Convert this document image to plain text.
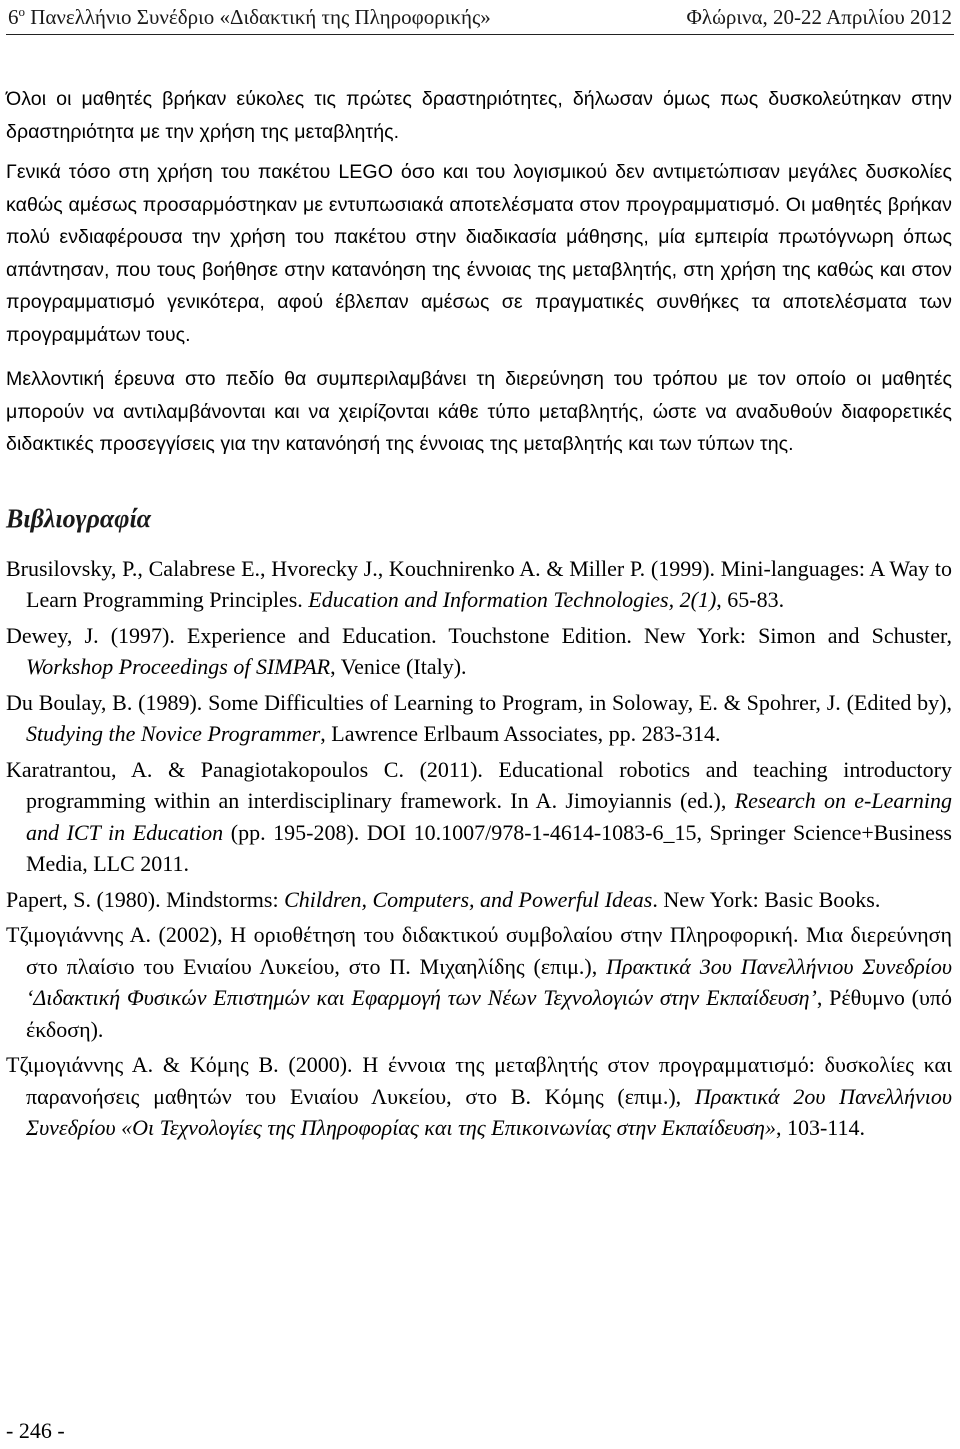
$6^o$ Πανελλήνιο Συνέδριο «Διδακτική της Πληροφορικής»	Φλώρινα, 20-22 Απριλίου 2012

Όλοι οι μαθητές βρήκαν εύκολες τις πρώτες δραστηριότητες, δήλωσαν όμως πως δυσκολεύτηκαν στην δραστηριότητα με την χρήση της μεταβλητής.

Γενικά τόσο στη χρήση του πακέτου LEGO όσο και του λογισμικού δεν αντιμετώπισαν μεγάλες δυσκολίες καθώς αμέσως προσαρμόστηκαν με εντυπωσιακά αποτελέσματα στον προγραμματισμό. Οι μαθητές βρήκαν πολύ ενδιαφέρουσα την χρήση του πακέτου στην διαδικασία μάθησης, μία εμπειρία πρωτόγνωρη όπως απάντησαν, που τους βοήθησε στην κατανόηση της έννοιας της μεταβλητής, στη χρήση της καθώς και στον προγραμματισμό γενικότερα, αφού έβλεπαν αμέσως σε πραγματικές συνθήκες τα αποτελέσματα των προγραμμάτων τους.

Μελλοντική έρευνα στο πεδίο θα συμπεριλαμβάνει τη διερεύνηση του τρόπου με τον οποίο οι μαθητές μπορούν να αντιλαμβάνονται και να χειρίζονται κάθε τύπο μεταβλητής, ώστε να αναδυθούν διαφορετικές διδακτικές προσεγγίσεις για την κατανόησή της έννοιας της μεταβλητής και των τύπων της.

Βιβλιογραφία

Brusilovsky, P., Calabrese E., Hvorecky J., Kouchnirenko A. & Miller P. (1999). Mini-languages: A Way to Learn Programming Principles. Education and Information Technologies, 2(1), 65-83.

Dewey, J. (1997). Experience and Education. Touchstone Edition. New York: Simon and Schuster, Workshop Proceedings of SIMPAR, Venice (Italy).

Du Boulay, B. (1989). Some Difficulties of Learning to Program, in Soloway, E. & Spohrer, J. (Edited by), Studying the Novice Programmer, Lawrence Erlbaum Associates, pp. 283-314.

Karatrantou, A. & Panagiotakopoulos C. (2011). Educational robotics and teaching introductory programming within an interdisciplinary framework. In A. Jimoyiannis (ed.), Research on e-Learning and ICT in Education (pp. 195-208). DOI 10.1007/978-1-4614-1083-6_15, Springer Science+Business Media, LLC 2011.

Papert, S. (1980). Mindstorms: Children, Computers, and Powerful Ideas. New York: Basic Books.

Τζιμογιάννης Α. (2002), Η οριοθέτηση του διδακτικού συμβολαίου στην Πληροφορική. Μια διερεύνηση στο πλαίσιο του Ενιαίου Λυκείου, στο Π. Μιχαηλίδης (επιμ.), Πρακτικά 3ου Πανελλήνιου Συνεδρίου ‘Διδακτική Φυσικών Επιστημών και Εφαρμογή των Νέων Τεχνολογιών στην Εκπαίδευση’, Ρέθυμνο (υπό έκδοση).

Τζιμογιάννης Α. & Κόμης Β. (2000). Η έννοια της μεταβλητής στον προγραμματισμό: δυσκολίες και παρανοήσεις μαθητών του Ενιαίου Λυκείου, στο Β. Κόμης (επιμ.), Πρακτικά 2ου Πανελλήνιου Συνεδρίου «Οι Τεχνολογίες της Πληροφορίας και της Επικοινωνίας στην Εκπαίδευση», 103-114.

- 246 -
